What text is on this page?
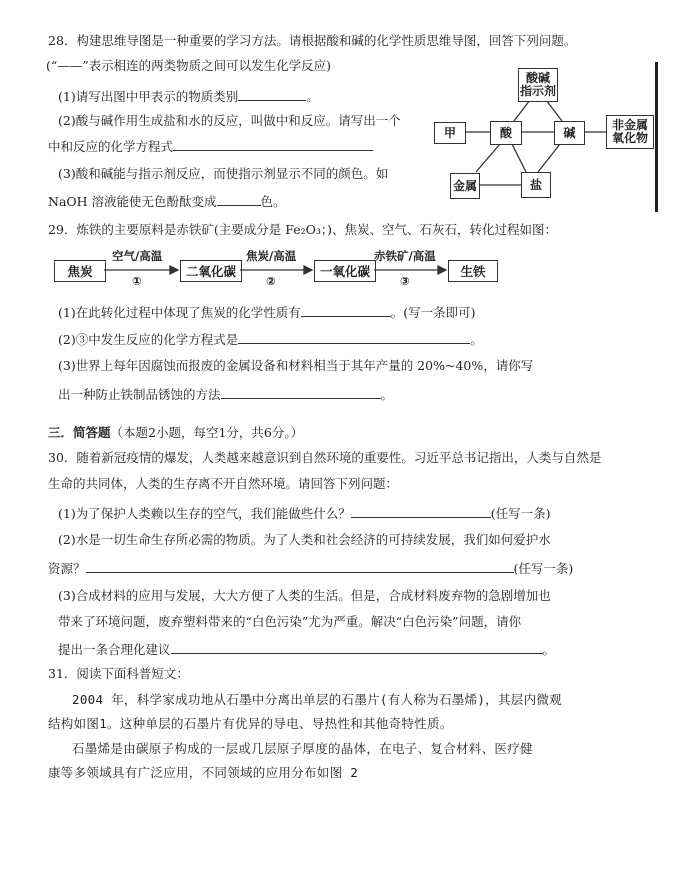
28．构建思维导图是一种重要的学习方法。请根据酸和碱的化学性质思维导图，回答下列问题。
(“——”表示相连的两类物质之间可以发生化学反应)
(1)请写出图中甲表示的物质类别	。
(2)酸与碱作用生成盐和水的反应，叫做中和反应。请写出一个
中和反应的化学方程式
(3)酸和碱能与指示剂反应，而使指示剂显示不同的颜色。如
NaOH 溶液能使无色酚酞变成	色。
酸碱
指示剂
甲	酸	碱
非金属
氧化物
金属	盐
29．炼铁的主要原料是赤铁矿(主要成分是 Fe₂O₃；)、焦炭、空气、石灰石，转化过程如图：
焦炭
空气/高温
①
二氧化碳
焦炭/高温
②
一氧化碳
赤铁矿/高温
③
生铁
(1)在此转化过程中体现了焦炭的化学性质有	。(写一条即可)
(2)③中发生反应的化学方程式是	。
(3)世界上每年因腐蚀而报废的金属设备和材料相当于其年产量的 20%~40%，请你写
出一种防止铁制品锈蚀的方法	。
三．简答题（本题2小题，每空1分，共6分。）
30．随着新冠疫情的爆发，人类越来越意识到自然环境的重要性。习近平总书记指出，人类与自然是
生命的共同体，人类的生存离不开自然环境。请回答下列问题：
(1)为了保护人类赖以生存的空气，我们能做些什么？	(任写一条)
(2)水是一切生命生存所必需的物质。为了人类和社会经济的可持续发展，我们如何爱护水
资源？	(任写一条)
(3)合成材料的应用与发展，大大方便了人类的生活。但是，合成材料废弃物的急剧增加也
带来了环境问题，废弃塑料带来的“白色污染”尤为严重。解决“白色污染”问题，请你
提出一条合理化建议	。
31．阅读下面科普短文：
2004 年，科学家成功地从石墨中分离出单层的石墨片(有人称为石墨烯)，其层内微观
结构如图1。这种单层的石墨片有优异的导电、导热性和其他奇特性质。
石墨烯是由碳原子构成的一层或几层原子厚度的晶体，在电子、复合材料、医疗健
康等多领域具有广泛应用，不同领域的应用分布如图 2
